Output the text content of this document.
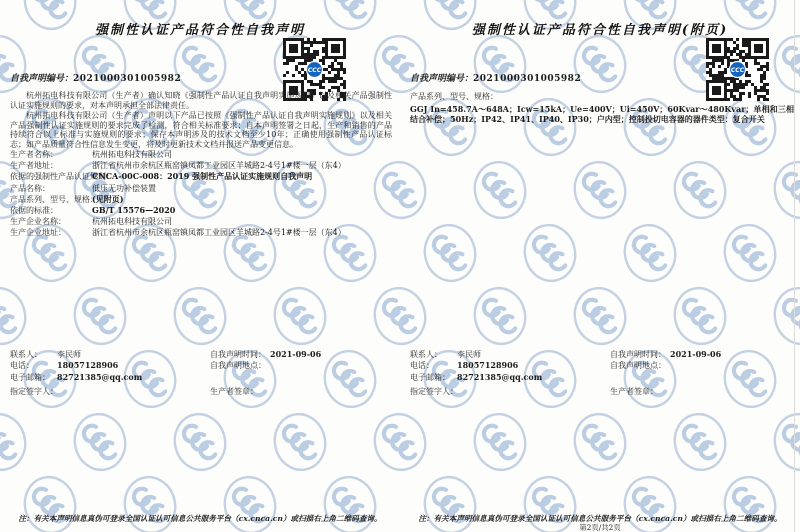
强制性认证产品符合性自我声明
CCC
自我声明编号：2021000301005982
杭州拓电科技有限公司（生产者）确认知晓《强制性产品认证自我声明实施规则》以及相关产品强制性认证实施规则的要求，对本声明承担全部法律责任。
杭州拓电科技有限公司（生产者）声明以下产品已按照《强制性产品认证自我声明实施规则》以及相关产品强制性认证实施规则的要求完成了检测，符合相关标准要求；自本声明签署之日起，生产和销售的产品持续符合以上标准与实施规则的要求；保存本声明涉及的技术文档至少10年；正确使用强制性产品认证标志；如产品质量符合性信息发生变更，将及时更新技术文档并报送产品变更信息。
生产者名称：	杭州拓电科技有限公司
生产者地址：	浙江省杭州市余杭区瓶窑镇凤都工业园区羊城路2-4号1#楼一层（东4）
依据的强制性产品认证规则：
CNCA-00C-008：2019 强制性产品认证实施规则自我声明
产品名称：	低压无功补偿装置
产品系列、型号、规格：
(见附页)
依据的标准：	GB/T 15576—2020
生产企业名称：	杭州拓电科技有限公司
生产企业地址：	浙江省杭州市余杭区瓶窑镇凤都工业园区羊城路2-4号1#楼一层（东4）
联系人：	李民师	自我声明时间： 2021-09-06
电话：	18057128906	自我声明地点：
电子邮箱： 82721385@qq.com
指定签字人：	生产者签章：
注：有关本声明信息真伪可登录全国认证认可信息公共服务平台（cx.cnca.cn）或扫描右上角二维码查询。
强制性认证产品符合性自我声明(附页)
CCC
自我声明编号：2021000301005982
产品系列、型号、规格：
GGJ In=458.7A～648A；Icw=15kA；Ue=400V；Ui=450V；60Kvar～480Kvar；单相和三相结合补偿；50Hz；IP42、IP41、IP40、IP30；户内型；控制投切电容器的器件类型：复合开关
联系人：	李民师	自我声明时间： 2021-09-06
电话：	18057128906	自我声明地点：
电子邮箱： 82721385@qq.com
指定签字人：	生产者签章：
注：有关本声明信息真伪可登录全国认证认可信息公共服务平台（cx.cnca.cn）或扫描右上角二维码查询。
第2页/共2页
